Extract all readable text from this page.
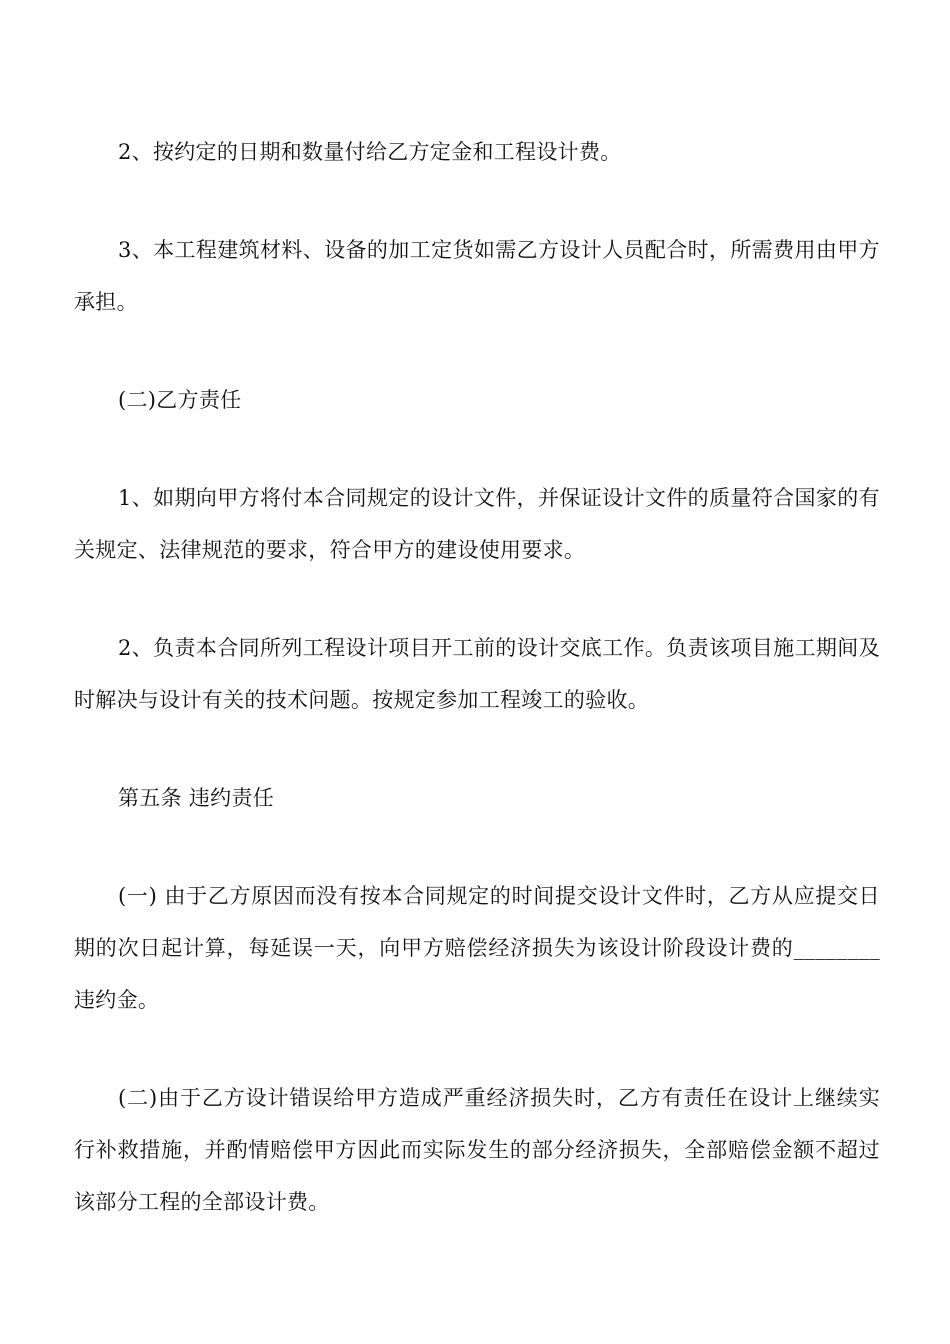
2、按约定的日期和数量付给乙方定金和工程设计费。

3、本工程建筑材料、设备的加工定货如需乙方设计人员配合时，所需费用由甲方承担。

(二)乙方责任

1、如期向甲方将付本合同规定的设计文件，并保证设计文件的质量符合国家的有关规定、法律规范的要求，符合甲方的建设使用要求。

2、负责本合同所列工程设计项目开工前的设计交底工作。负责该项目施工期间及时解决与设计有关的技术问题。按规定参加工程竣工的验收。

第五条 违约责任

(一) 由于乙方原因而没有按本合同规定的时间提交设计文件时，乙方从应提交日期的次日起计算，每延误一天，向甲方赔偿经济损失为该设计阶段设计费的________违约金。

(二)由于乙方设计错误给甲方造成严重经济损失时，乙方有责任在设计上继续实行补救措施，并酌情赔偿甲方因此而实际发生的部分经济损失，全部赔偿金额不超过该部分工程的全部设计费。
